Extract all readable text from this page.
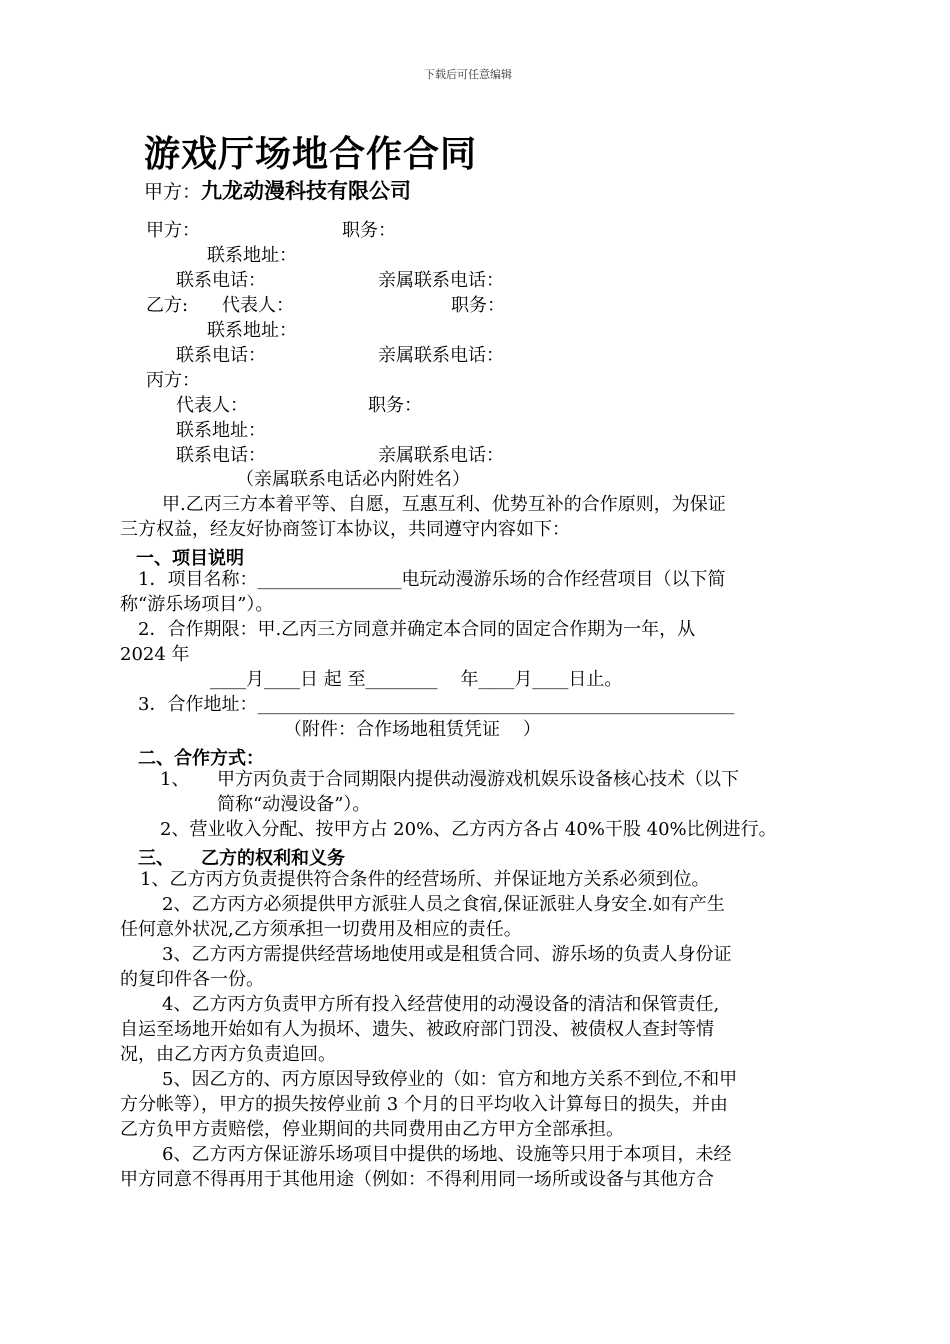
下载后可任意编辑
游戏厅场地合作合同
甲方：九龙动漫科技有限公司
甲方：	职务：
联系地址：
联系电话：	亲属联系电话：
乙方: 代表人：	职务：
联系地址：
联系电话：	亲属联系电话：
丙方：
代表人：	职务：
联系地址：
联系电话：	亲属联系电话：
（亲属联系电话必内附姓名）
甲.乙丙三方本着平等、自愿，互惠互利、优势互补的合作原则，为保证
三方权益，经友好协商签订本协议，共同遵守内容如下：
一、项目说明
1．项目名称：________________电玩动漫游乐场的合作经营项目（以下简
称“游乐场项目”）。
2．合作期限：甲.乙丙三方同意并确定本合同的固定合作期为一年，从
2024 年
____月____日 起 至________    年____月____日止。
3．合作地址：_____________________________________________________
（附件：合作场地租赁凭证    ）
二、合作方式：
1、 甲方丙负责于合同期限内提供动漫游戏机娱乐设备核心技术（以下
简称“动漫设备”）。
2、营业收入分配、按甲方占 20%、乙方丙方各占 40%干股 40%比例进行。
三、 乙方的权利和义务
1、乙方丙方负责提供符合条件的经营场所、并保证地方关系必须到位。
2、乙方丙方必须提供甲方派驻人员之食宿,保证派驻人身安全.如有产生
任何意外状况,乙方须承担一切费用及相应的责任。
3、乙方丙方需提供经营场地使用或是租赁合同、游乐场的负责人身份证
的复印件各一份。
4、乙方丙方负责甲方所有投入经营使用的动漫设备的清洁和保管责任,
自运至场地开始如有人为损坏、遗失、被政府部门罚没、被债权人查封等情
况，由乙方丙方负责追回。
5、因乙方的、丙方原因导致停业的（如：官方和地方关系不到位,不和甲
方分帐等），甲方的损失按停业前 3 个月的日平均收入计算每日的损失，并由
乙方负甲方责赔偿，停业期间的共同费用由乙方甲方全部承担。
6、乙方丙方保证游乐场项目中提供的场地、设施等只用于本项目，未经
甲方同意不得再用于其他用途（例如：不得利用同一场所或设备与其他方合
